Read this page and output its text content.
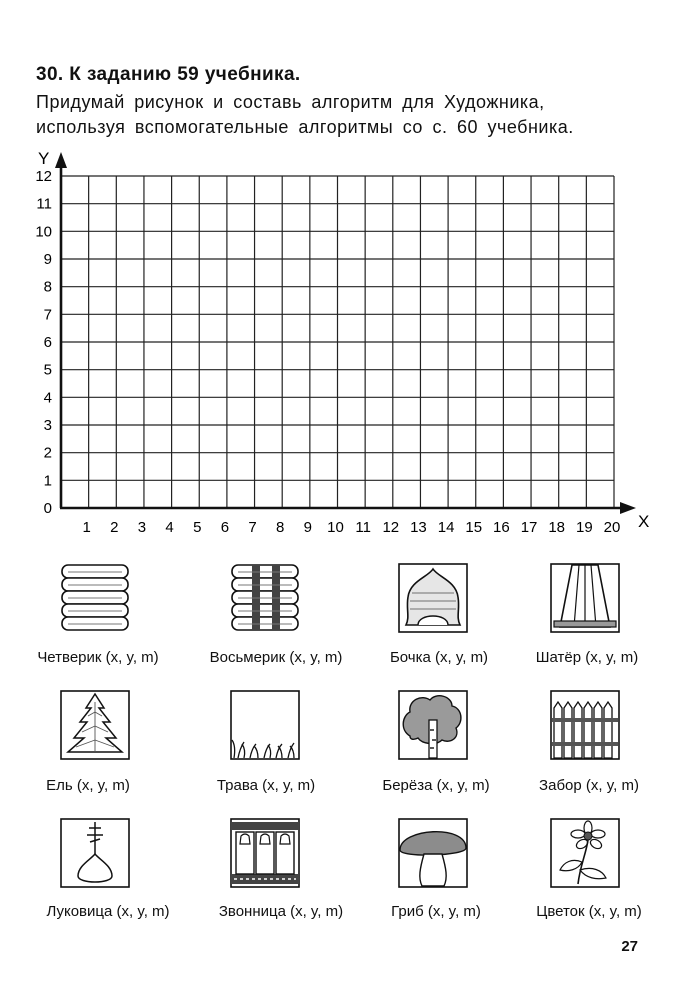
30. К заданию 59 учебника.

Придумай рисунок и составь алгоритм для Художника,
используя вспомогательные алгоритмы со с. 60 учебника.

Y
X
0
1
2
3
4
5
6
7
8
9
10
11
12
1 2 3 4 5 6 7 8 9 10 11 12 13 14 15 16 17 18 19 20
Четверик (x, y, m)	Восьмерик (x, y, m)	Бочка (x, y, m)	Шатёр (x, y, m)
Ель (x, y, m)	Трава (x, y, m)	Берёза (x, y, m)	Забор (x, y, m)
Луковица (x, y, m)	Звонница (x, y, m)	Гриб (x, y, m)	Цветок (x, y, m)
27
